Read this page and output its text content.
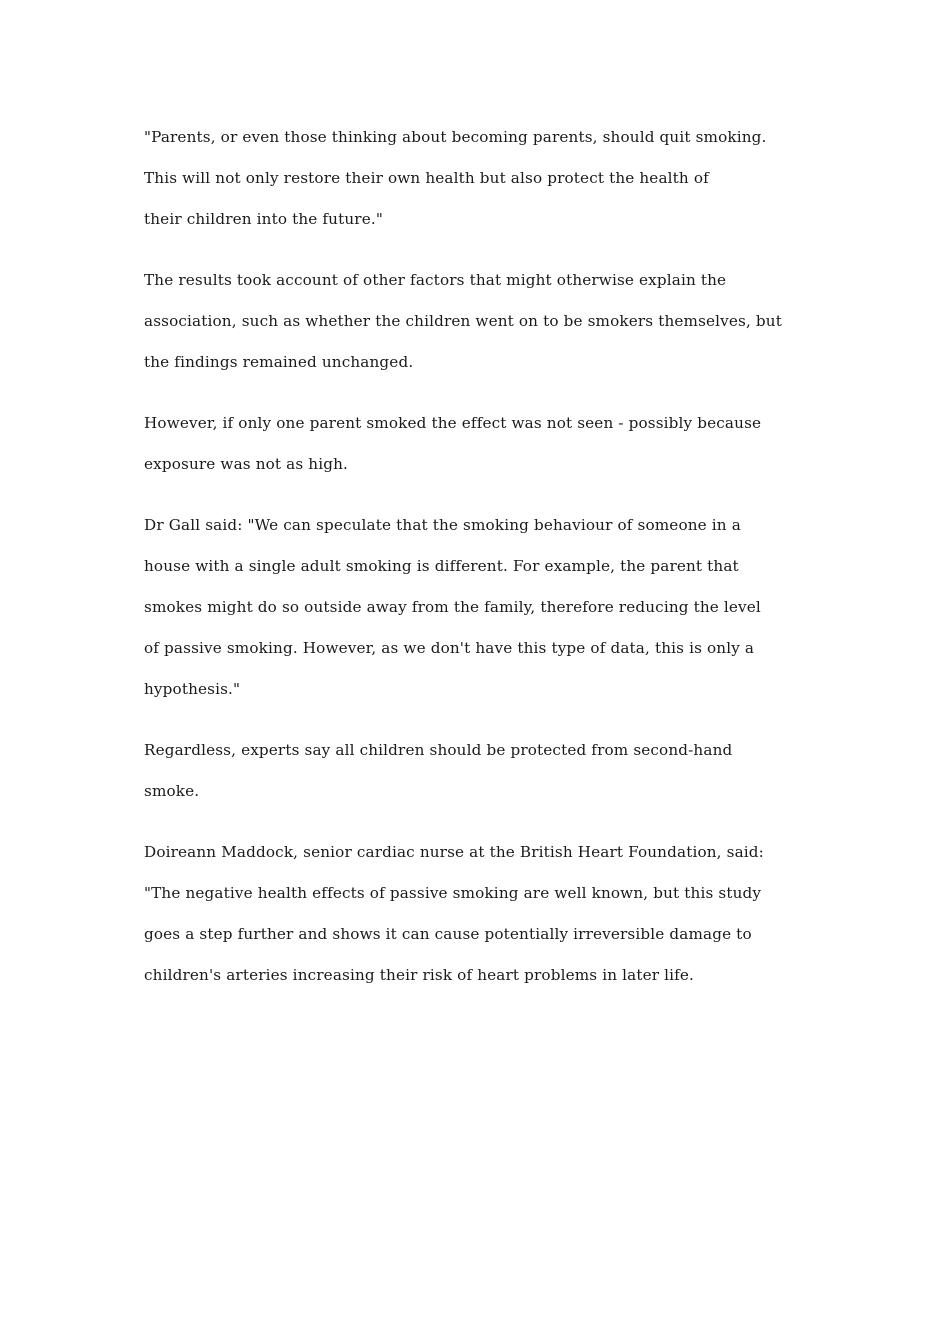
"Parents, or even those thinking about becoming parents, should quit smoking.
This will not only restore their own health but also protect the health of
their children into the future."

The results took account of other factors that might otherwise explain the
association, such as whether the children went on to be smokers themselves, but
the findings remained unchanged.

However, if only one parent smoked the effect was not seen - possibly because
exposure was not as high.

Dr Gall said: "We can speculate that the smoking behaviour of someone in a
house with a single adult smoking is different. For example, the parent that
smokes might do so outside away from the family, therefore reducing the level
of passive smoking. However, as we don't have this type of data, this is only a
hypothesis."

Regardless, experts say all children should be protected from second-hand
smoke.

Doireann Maddock, senior cardiac nurse at the British Heart Foundation, said:
"The negative health effects of passive smoking are well known, but this study
goes a step further and shows it can cause potentially irreversible damage to
children's arteries increasing their risk of heart problems in later life.
